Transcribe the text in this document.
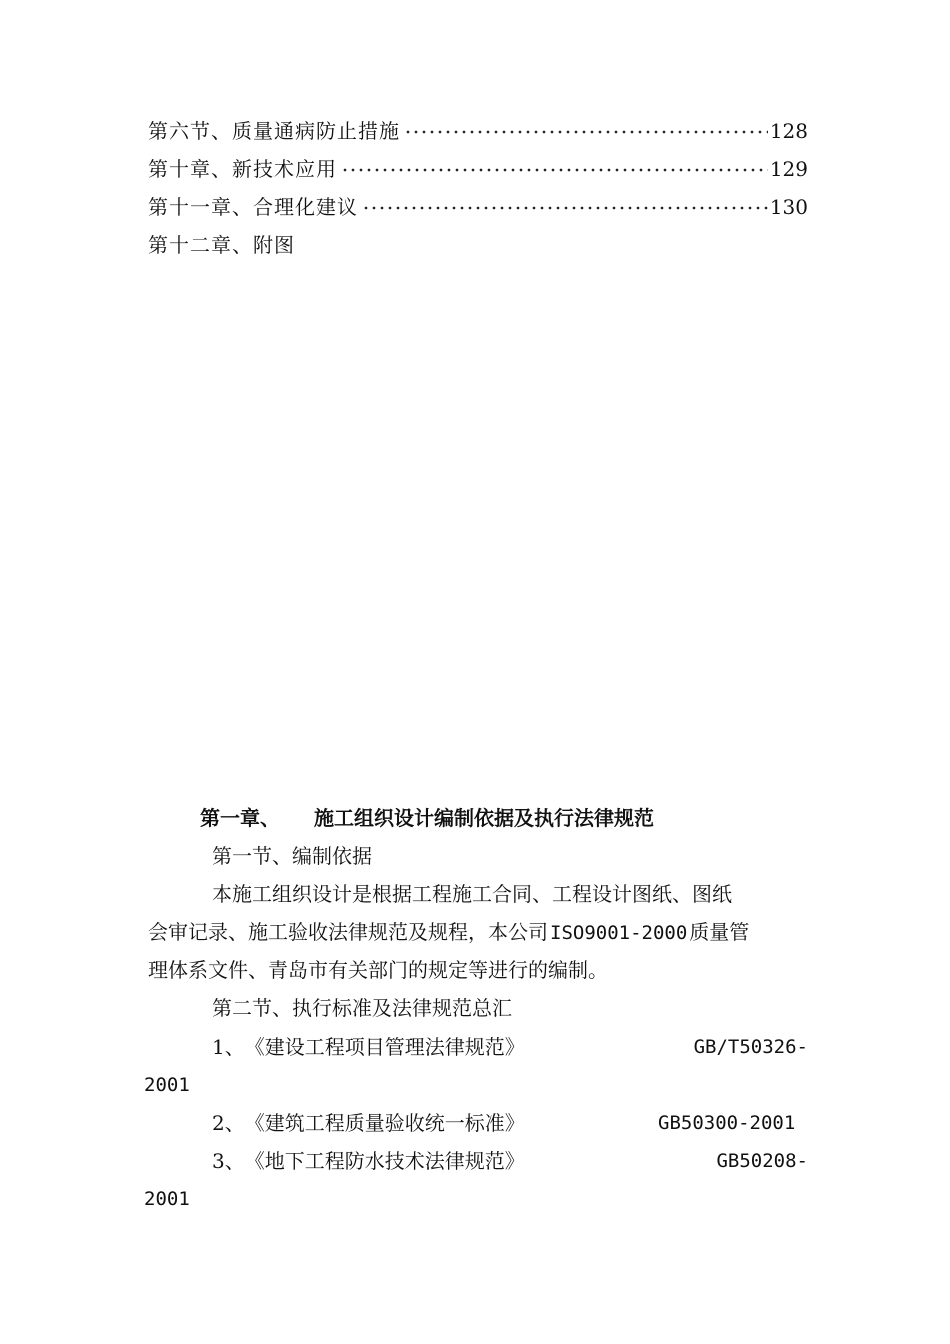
第六节、质量通病防止措施	128
第十章、新技术应用	129
第十一章、合理化建议	130
第十二章、附图
第一章、 施工组织设计编制依据及执行法律规范
第一节、编制依据
本施工组织设计是根据工程施工合同、工程设计图纸、图纸
会审记录、施工验收法律规范及规程，本公司 ISO9001-2000 质量管
理体系文件、青岛市有关部门的规定等进行的编制。
第二节、执行标准及法律规范总汇
1、 《建设工程项目管理法律规范》	GB/T50326-
2001
2、 《建筑工程质量验收统一标准》	GB50300-2001
3、 《地下工程防水技术法律规范》	GB50208-
2001
